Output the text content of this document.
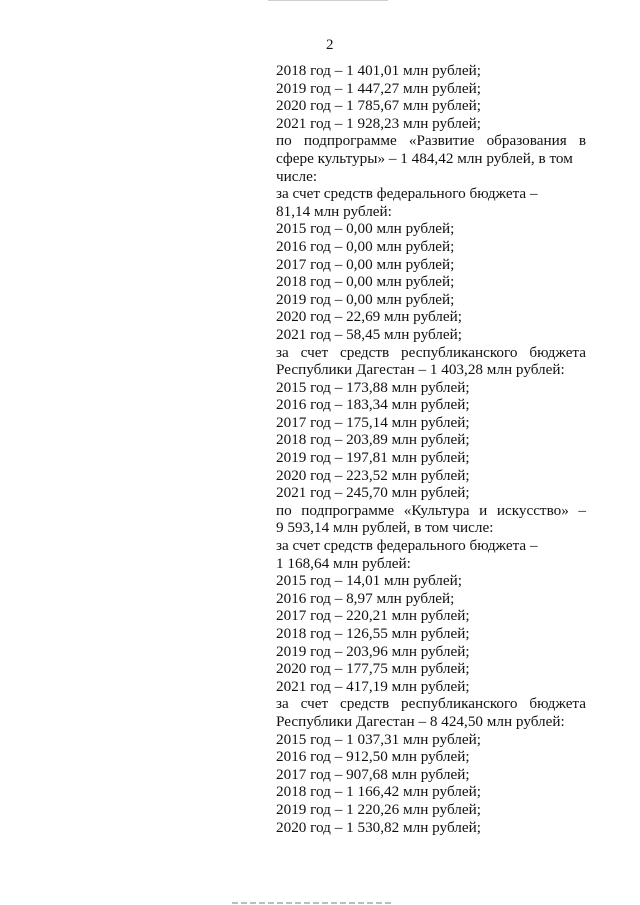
2
2018 год – 1 401,01 млн рублей;
2019 год – 1 447,27 млн рублей;
2020 год – 1 785,67 млн рублей;
2021 год – 1 928,23 млн рублей;
по подпрограмме «Развитие образования в
сфере культуры» – 1 484,42 млн рублей, в том
числе:
за счет средств федерального бюджета –
81,14 млн рублей:
2015 год – 0,00 млн рублей;
2016 год – 0,00 млн рублей;
2017 год – 0,00 млн рублей;
2018 год – 0,00 млн рублей;
2019 год – 0,00 млн рублей;
2020 год – 22,69 млн рублей;
2021 год – 58,45 млн рублей;
за счет средств республиканского бюджета
Республики Дагестан – 1 403,28 млн рублей:
2015 год – 173,88 млн рублей;
2016 год – 183,34 млн рублей;
2017 год – 175,14 млн рублей;
2018 год – 203,89 млн рублей;
2019 год – 197,81 млн рублей;
2020 год – 223,52 млн рублей;
2021 год – 245,70 млн рублей;
по подпрограмме «Культура и искусство» –
9 593,14 млн рублей, в том числе:
за счет средств федерального бюджета –
1 168,64 млн рублей:
2015 год – 14,01 млн рублей;
2016 год – 8,97 млн рублей;
2017 год – 220,21 млн рублей;
2018 год – 126,55 млн рублей;
2019 год – 203,96 млн рублей;
2020 год – 177,75 млн рублей;
2021 год – 417,19 млн рублей;
за счет средств республиканского бюджета
Республики Дагестан – 8 424,50 млн рублей:
2015 год – 1 037,31 млн рублей;
2016 год – 912,50 млн рублей;
2017 год – 907,68 млн рублей;
2018 год – 1 166,42 млн рублей;
2019 год – 1 220,26 млн рублей;
2020 год – 1 530,82 млн рублей;
